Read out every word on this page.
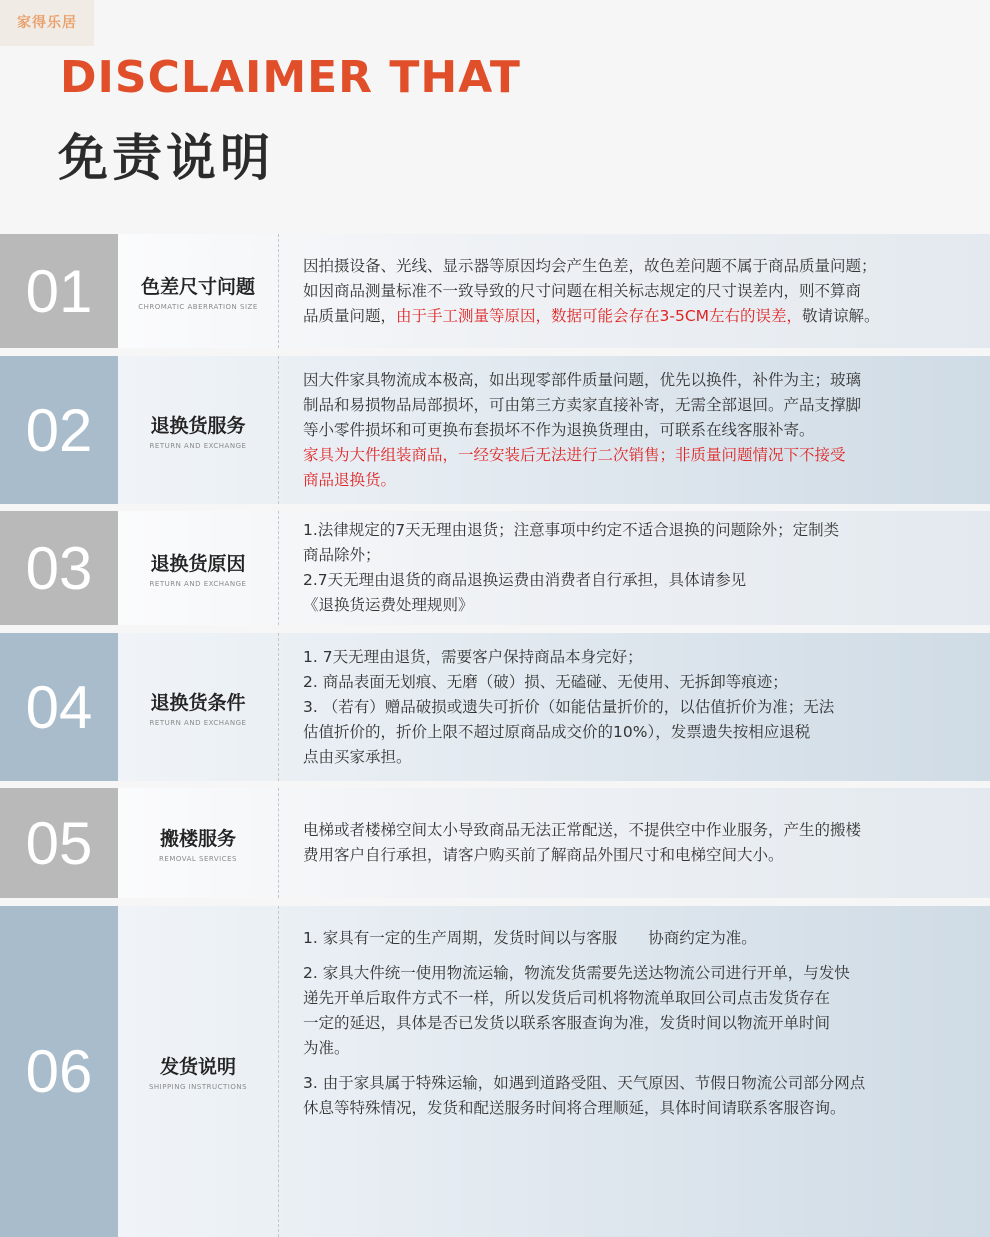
家得乐居
DISCLAIMER THAT
免责说明
01	色差尺寸问题
CHROMATIC ABERRATION SIZE

因拍摄设备、光线、显示器等原因均会产生色差，故色差问题不属于商品质量问题；

如因商品测量标准不一致导致的尺寸问题在相关标志规定的尺寸误差内，则不算商

品质量问题，由于手工测量等原因，数据可能会存在3-5CM左右的误差，敬请谅解。

02	退换货服务
RETURN AND EXCHANGE

因大件家具物流成本极高，如出现零部件质量问题，优先以换件，补件为主；玻璃

制品和易损物品局部损坏，可由第三方卖家直接补寄，无需全部退回。产品支撑脚

等小零件损坏和可更换布套损坏不作为退换货理由，可联系在线客服补寄。

家具为大件组装商品，一经安装后无法进行二次销售；非质量问题情况下不接受

商品退换货。

03	退换货原因
RETURN AND EXCHANGE

1.法律规定的7天无理由退货；注意事项中约定不适合退换的问题除外；定制类

商品除外；

2.7天无理由退货的商品退换运费由消费者自行承担，具体请参见

《退换货运费处理规则》

04	退换货条件
RETURN AND EXCHANGE

1. 7天无理由退货，需要客户保持商品本身完好；

2. 商品表面无划痕、无磨（破）损、无磕碰、无使用、无拆卸等痕迹；

3. （若有）赠品破损或遗失可折价（如能估量折价的，以估值折价为准；无法

估值折价的，折价上限不超过原商品成交价的10%），发票遗失按相应退税

点由买家承担。

05	搬楼服务
REMOVAL SERVICES

电梯或者楼梯空间太小导致商品无法正常配送，不提供空中作业服务，产生的搬楼

费用客户自行承担，请客户购买前了解商品外围尺寸和电梯空间大小。

06	发货说明
SHIPPING INSTRUCTIONS

1. 家具有一定的生产周期，发货时间以与客服　　协商约定为准。

2. 家具大件统一使用物流运输，物流发货需要先送达物流公司进行开单，与发快

递先开单后取件方式不一样，所以发货后司机将物流单取回公司点击发货存在

一定的延迟，具体是否已发货以联系客服查询为准，发货时间以物流开单时间

为准。

3. 由于家具属于特殊运输，如遇到道路受阻、天气原因、节假日物流公司部分网点

休息等特殊情况，发货和配送服务时间将合理顺延，具体时间请联系客服咨询。
